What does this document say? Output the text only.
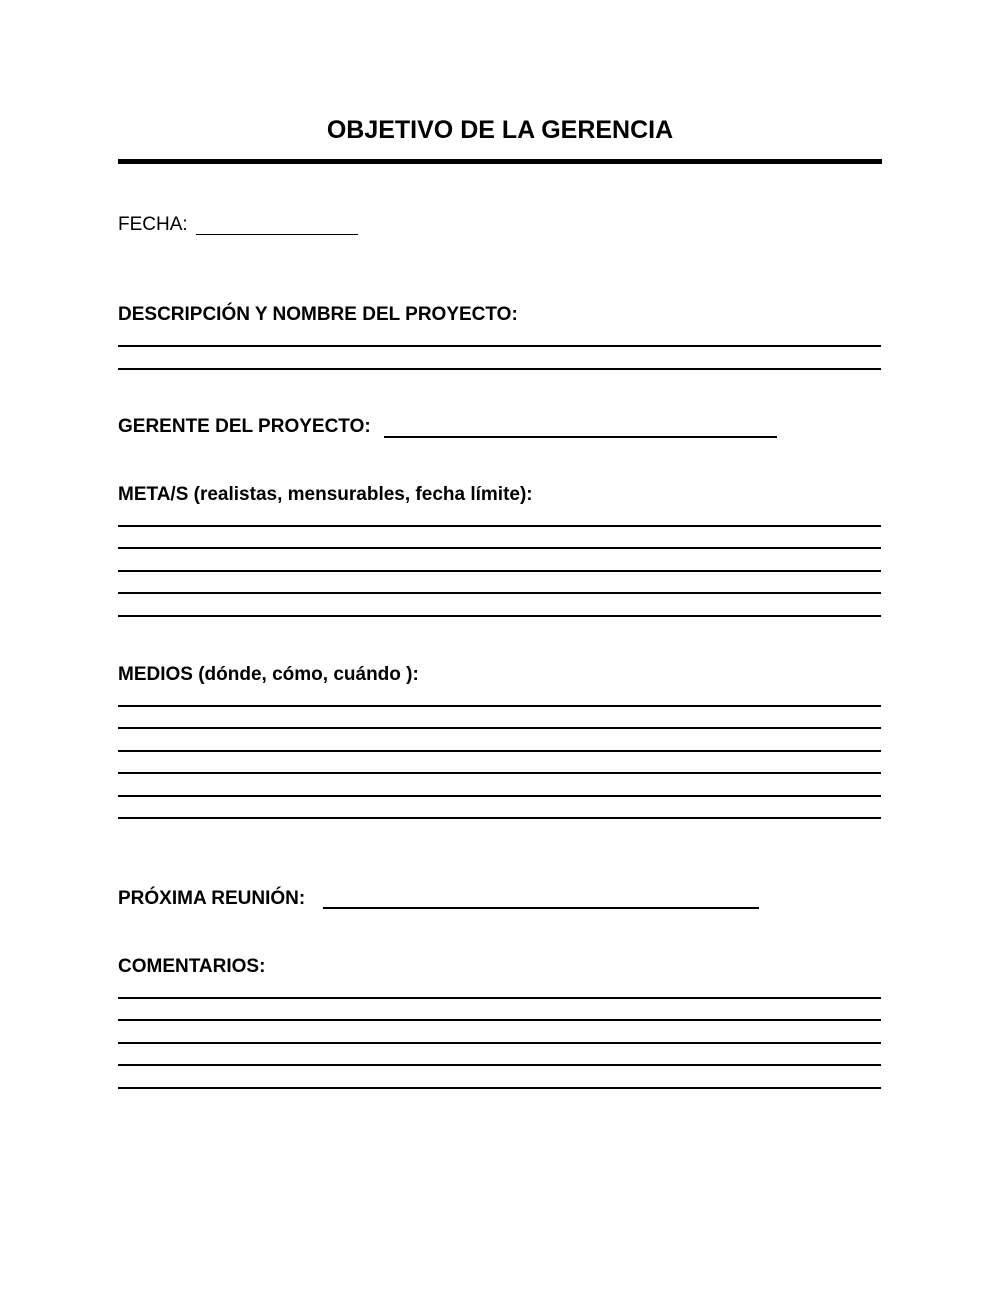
OBJETIVO DE LA GERENCIA
FECHA:
DESCRIPCIÓN Y NOMBRE DEL PROYECTO:
GERENTE DEL PROYECTO:
META/S (realistas, mensurables, fecha límite):
MEDIOS (dónde, cómo, cuándo ):
PRÓXIMA REUNIÓN:
COMENTARIOS:
